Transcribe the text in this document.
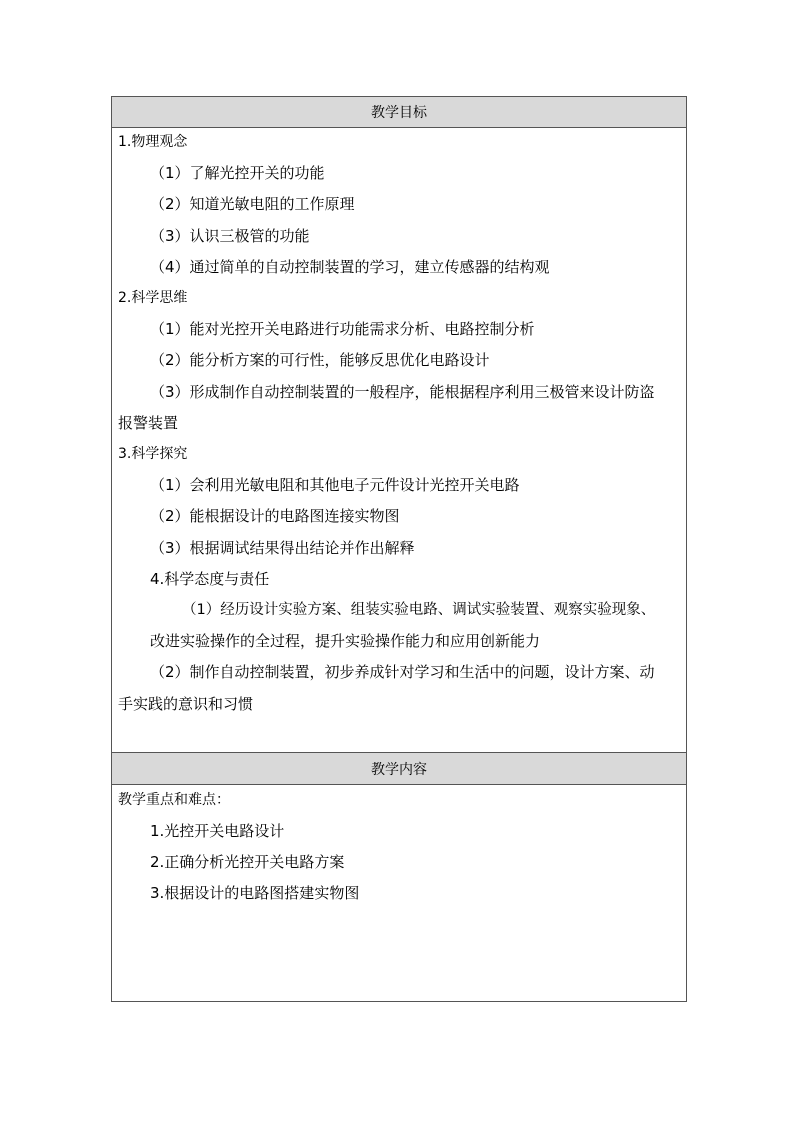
教学目标
1.物理观念
（1）了解光控开关的功能
（2）知道光敏电阻的工作原理
（3）认识三极管的功能
（4）通过简单的自动控制装置的学习，建立传感器的结构观
2.科学思维
（1）能对光控开关电路进行功能需求分析、电路控制分析
（2）能分析方案的可行性，能够反思优化电路设计
（3）形成制作自动控制装置的一般程序，能根据程序利用三极管来设计防盗
报警装置
3.科学探究
（1）会利用光敏电阻和其他电子元件设计光控开关电路
（2）能根据设计的电路图连接实物图
（3）根据调试结果得出结论并作出解释
4.科学态度与责任
（1）经历设计实验方案、组装实验电路、调试实验装置、观察实验现象、
改进实验操作的全过程，提升实验操作能力和应用创新能力
（2）制作自动控制装置，初步养成针对学习和生活中的问题，设计方案、动
手实践的意识和习惯
教学内容
教学重点和难点：
1.光控开关电路设计
2.正确分析光控开关电路方案
3.根据设计的电路图搭建实物图
